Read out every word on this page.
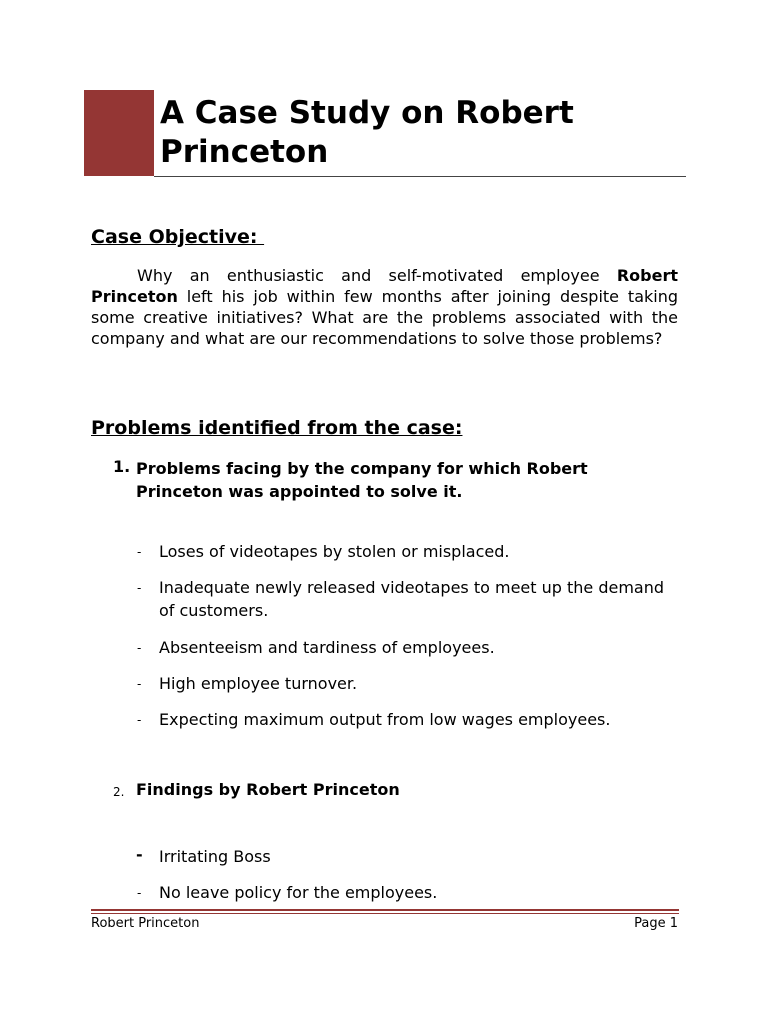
A Case Study on Robert Princeton
Case Objective:
Why an enthusiastic and self-motivated employee Robert Princeton left his job within few months after joining despite taking some creative initiatives? What are the problems associated with the company and what are our recommendations to solve those problems?
Problems identified from the case:
1. Problems facing by the company for which Robert Princeton was appointed to solve it.
- Loses of videotapes by stolen or misplaced.
- Inadequate newly released videotapes to meet up the demand of customers.
- Absenteeism and tardiness of employees.
- High employee turnover.
- Expecting maximum output from low wages employees.
2. Findings by Robert Princeton
- Irritating Boss
- No leave policy for the employees.
Robert Princeton	Page 1
